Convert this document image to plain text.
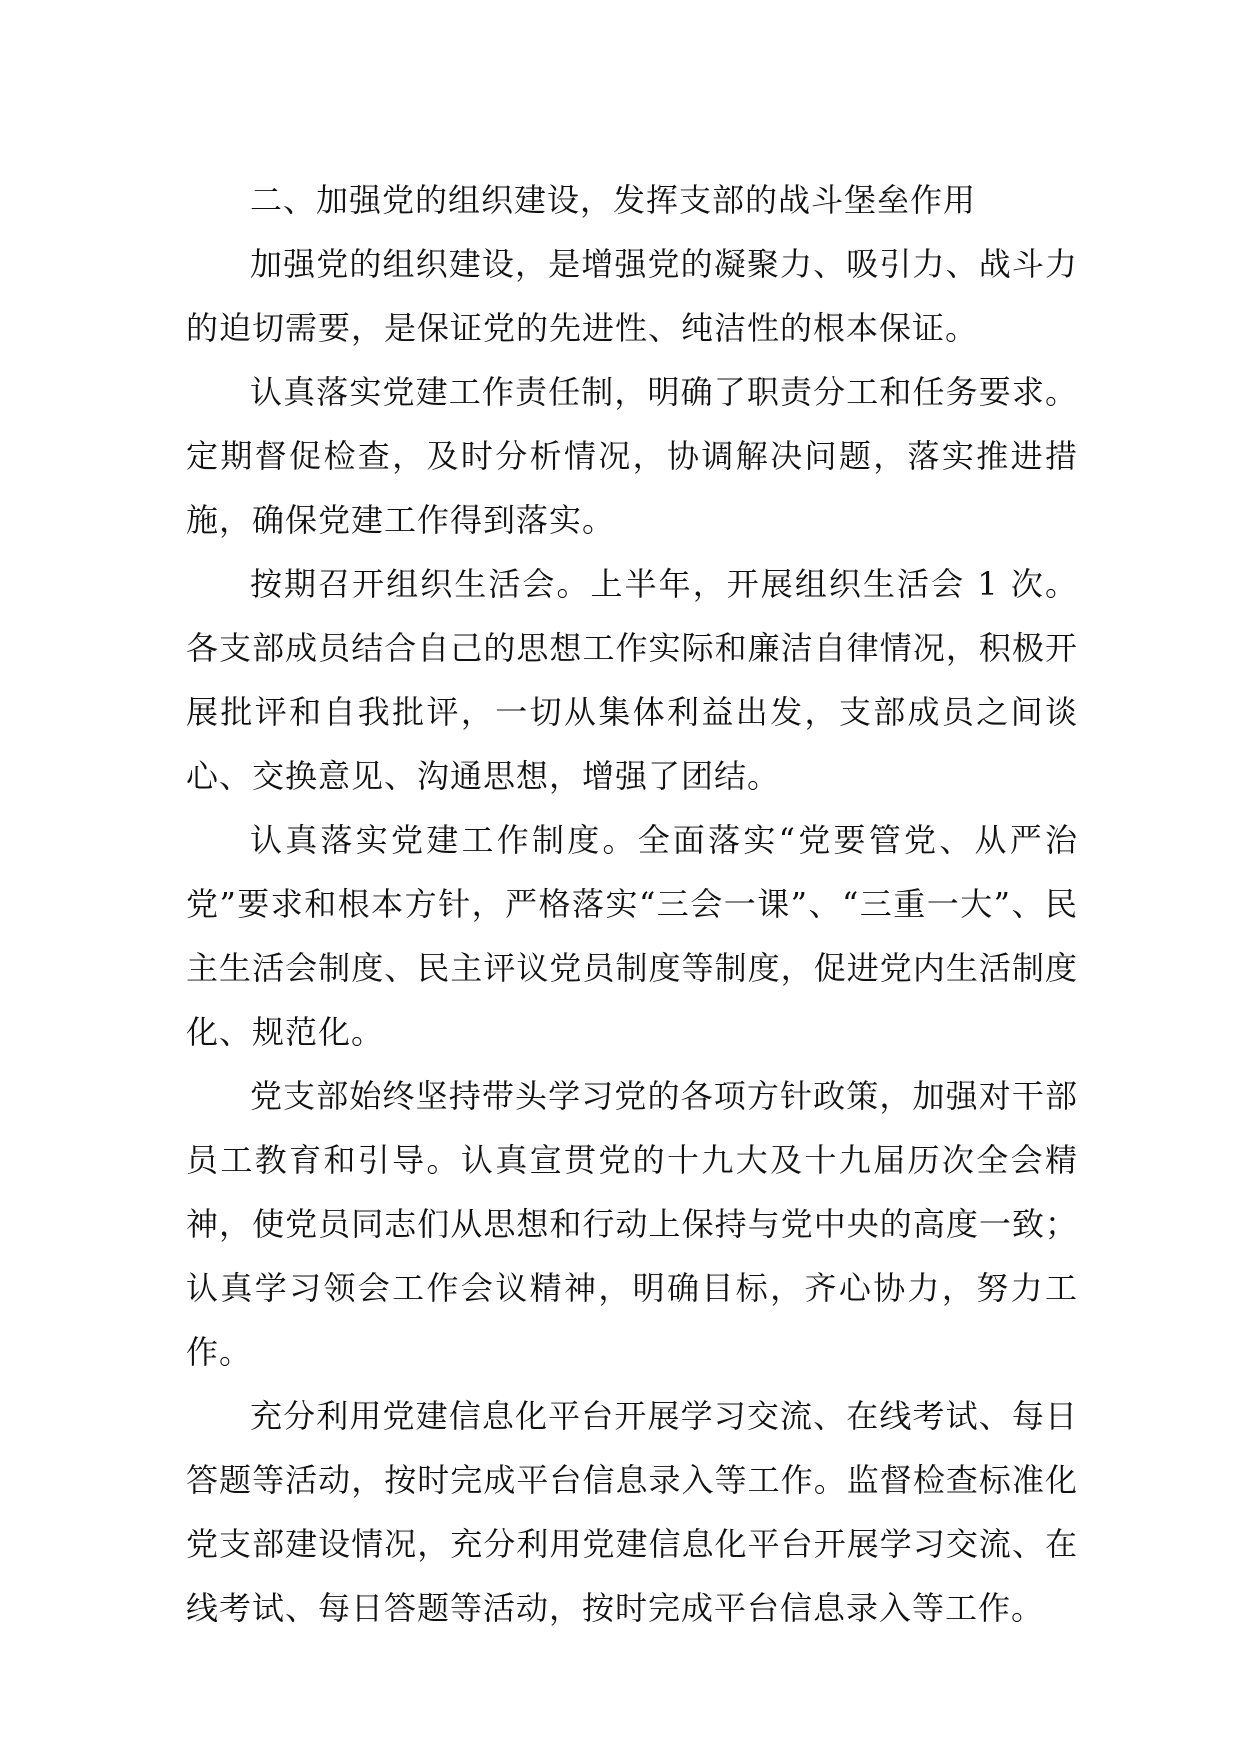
二、加强党的组织建设，发挥支部的战斗堡垒作用

加强党的组织建设，是增强党的凝聚力、吸引力、战斗力的迫切需要，是保证党的先进性、纯洁性的根本保证。

认真落实党建工作责任制，明确了职责分工和任务要求。定期督促检查，及时分析情况，协调解决问题，落实推进措施，确保党建工作得到落实。

按期召开组织生活会。上半年，开展组织生活会 1 次。各支部成员结合自己的思想工作实际和廉洁自律情况，积极开展批评和自我批评，一切从集体利益出发，支部成员之间谈心、交换意见、沟通思想，增强了团结。

认真落实党建工作制度。全面落实“党要管党、从严治党”要求和根本方针，严格落实“三会一课”、“三重一大”、民主生活会制度、民主评议党员制度等制度，促进党内生活制度化、规范化。

党支部始终坚持带头学习党的各项方针政策，加强对干部员工教育和引导。认真宣贯党的十九大及十九届历次全会精神，使党员同志们从思想和行动上保持与党中央的高度一致；认真学习领会工作会议精神，明确目标，齐心协力，努力工作。

充分利用党建信息化平台开展学习交流、在线考试、每日答题等活动，按时完成平台信息录入等工作。监督检查标准化党支部建设情况，充分利用党建信息化平台开展学习交流、在线考试、每日答题等活动，按时完成平台信息录入等工作。
